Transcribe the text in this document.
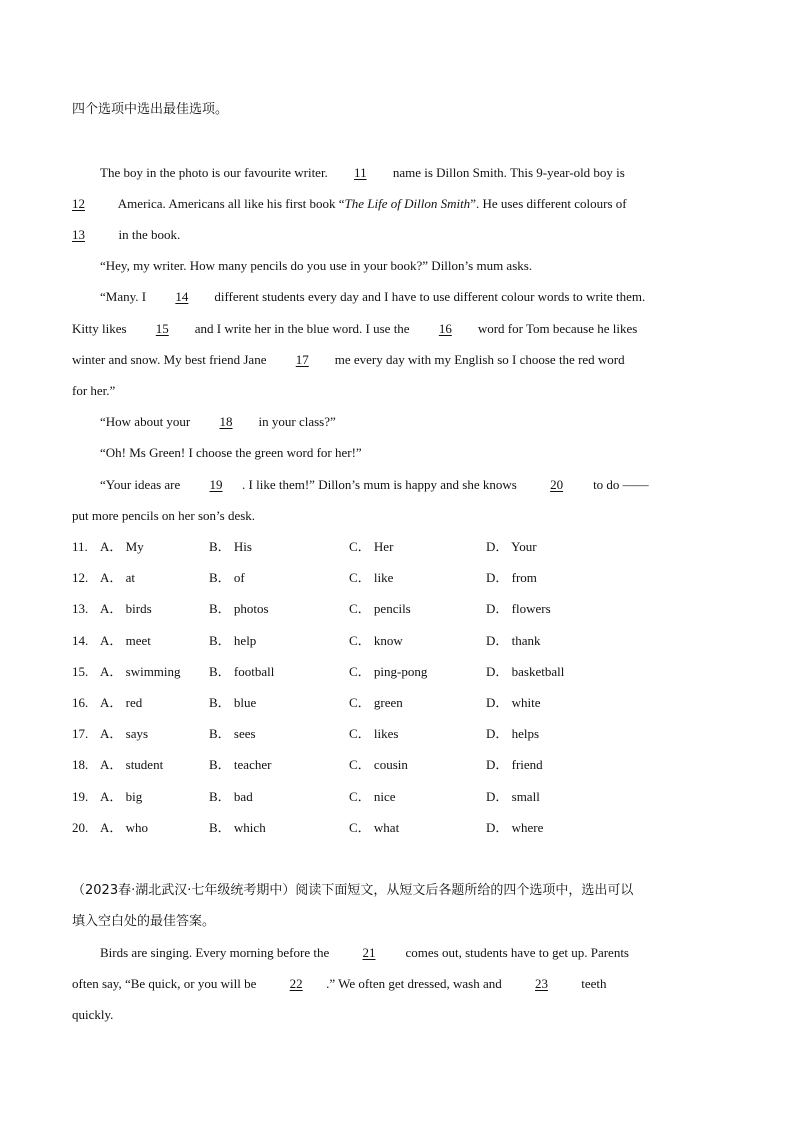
四个选项中选出最佳选项。
The boy in the photo is our favourite writer. 11 name is Dillon Smith. This 9-year-old boy is
12	America. Americans all like his first book “The Life of Dillon Smith”. He uses different colours of
13	in the book.
“Hey, my writer. How many pencils do you use in your book?” Dillon’s mum asks.
“Many. I 14 different students every day and I have to use different colour words to write them.
Kitty likes 15 and I write her in the blue word. I use the 16 word for Tom because he likes
winter and snow. My best friend Jane 17 me every day with my English so I choose the red word
for her.”
“How about your 18 in your class?”
“Oh! Ms Green! I choose the green word for her!”
“Your ideas are 19 . I like them!” Dillon’s mum is happy and she knows	20 to do ——
put more pencils on her son’s desk.
11. A． My	B． His	C． Her	D． Your
12. A． at	B． of	C． like	D． from
13. A． birds	B． photos	C． pencils	D． flowers
14. A． meet	B． help	C． know	D． thank
15. A． swimming B． football	C． ping-pong	D． basketball
16. A． red	B． blue	C． green	D． white
17. A． says	B． sees	C． likes	D． helps
18. A． student	B． teacher	C． cousin	D． friend
19. A． big	B． bad	C． nice	D． small
20. A． who	B． which	C． what	D． where
（2023春·湖北武汉·七年级统考期中）阅读下面短文，从短文后各题所给的四个选项中，选出可以
填入空白处的最佳答案。
Birds are singing. Every morning before the	21 comes out, students have to get up. Parents
often say, “Be quick, or you will be	22 .” We often get dressed, wash and	23	teeth
quickly.
